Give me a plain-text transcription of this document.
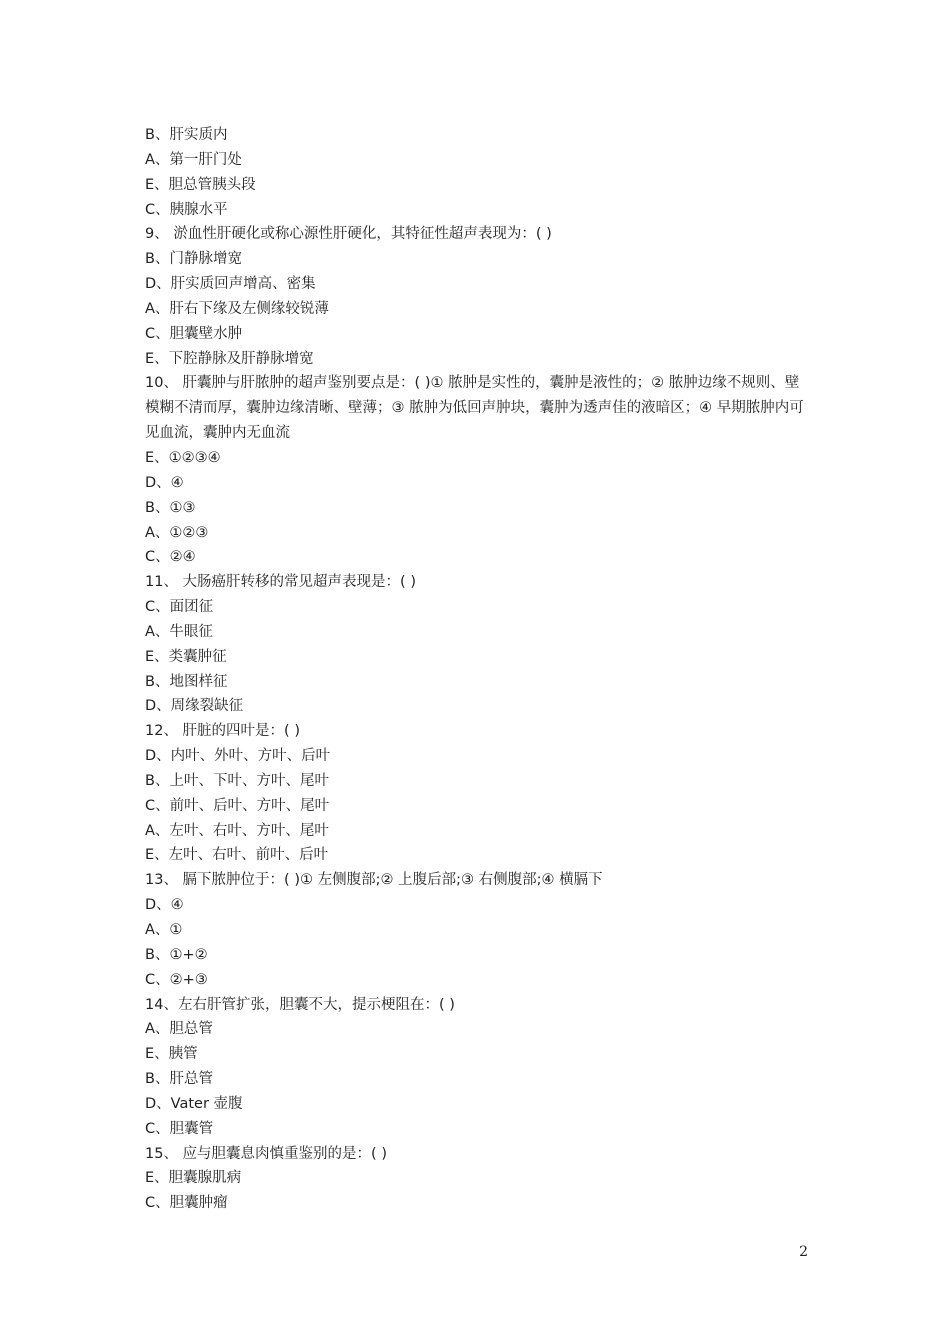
B、肝实质内
A、第一肝门处
E、胆总管胰头段
C、胰腺水平
9、 淤血性肝硬化或称心源性肝硬化，其特征性超声表现为：( )
B、门静脉增宽
D、肝实质回声增高、密集
A、肝右下缘及左侧缘较锐薄
C、胆囊壁水肿
E、下腔静脉及肝静脉增宽
10、 肝囊肿与肝脓肿的超声鉴别要点是：( )① 脓肿是实性的，囊肿是液性的；② 脓肿边缘不规则、壁模糊不清而厚，囊肿边缘清晰、壁薄；③ 脓肿为低回声肿块，囊肿为透声佳的液暗区；④ 早期脓肿内可见血流，囊肿内无血流
E、①②③④
D、④
B、①③
A、①②③
C、②④
11、 大肠癌肝转移的常见超声表现是：( )
C、面团征
A、牛眼征
E、类囊肿征
B、地图样征
D、周缘裂缺征
12、 肝脏的四叶是：( )
D、内叶、外叶、方叶、后叶
B、上叶、下叶、方叶、尾叶
C、前叶、后叶、方叶、尾叶
A、左叶、右叶、方叶、尾叶
E、左叶、右叶、前叶、后叶
13、 膈下脓肿位于：( )① 左侧腹部;② 上腹后部;③ 右侧腹部;④ 横膈下
D、④
A、①
B、①+②
C、②+③
14、左右肝管扩张，胆囊不大，提示梗阻在：( )
A、胆总管
E、胰管
B、肝总管
D、Vater 壶腹
C、胆囊管
15、 应与胆囊息肉慎重鉴别的是：( )
E、胆囊腺肌病
C、胆囊肿瘤
2
